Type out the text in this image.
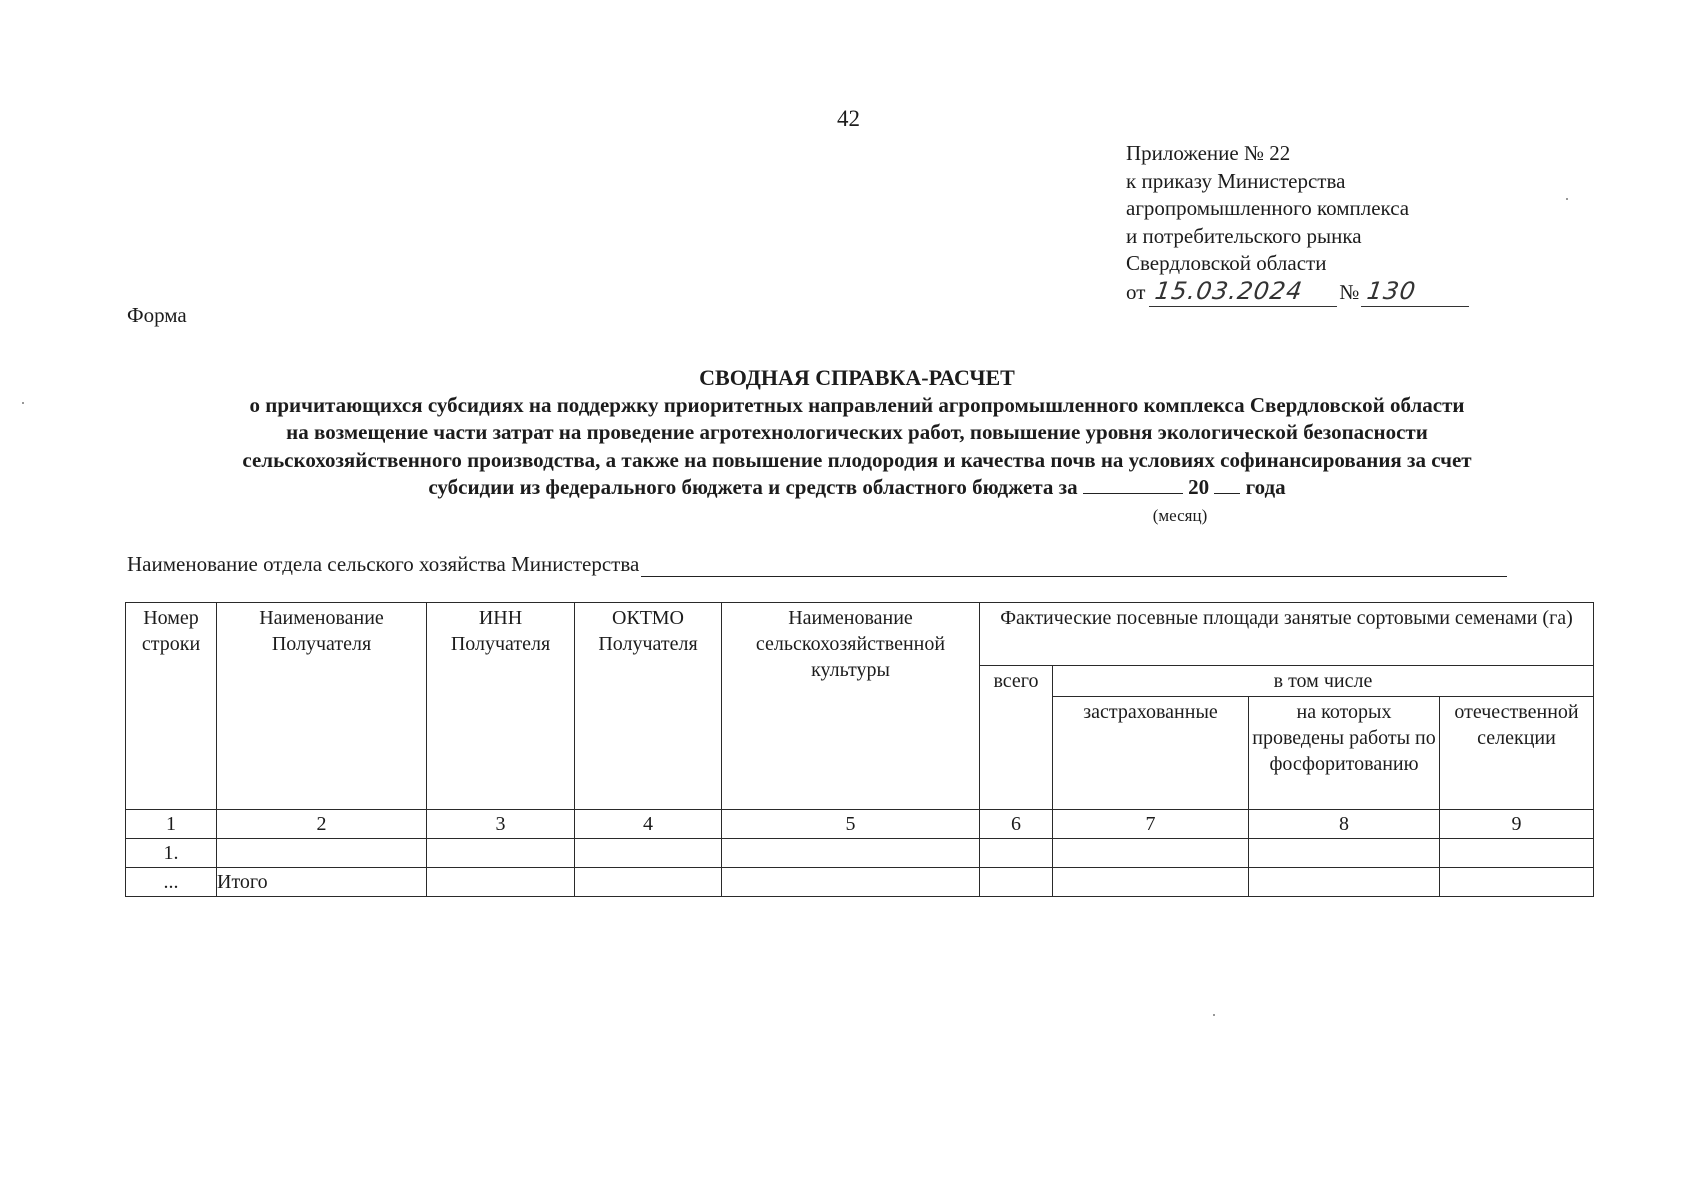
42
Приложение № 22
к приказу Министерства
агропромышленного комплекса
и потребительского рынка
Свердловской области
от 15.03.2024	№ 130
Форма
СВОДНАЯ СПРАВКА-РАСЧЕТ
о причитающихся субсидиях на поддержку приоритетных направлений агропромышленного комплекса Свердловской области
на возмещение части затрат на проведение агротехнологических работ, повышение уровня экологической безопасности
сельскохозяйственного производства, а также на повышение плодородия и качества почв на условиях софинансирования за счет
субсидии из федерального бюджета и средств областного бюджета за	20 года
(месяц)
Наименование отдела сельского хозяйства Министерства
Номер строки	Наименование Получателя	ИНН Получателя	ОКТМО Получателя	Наименование сельскохозяйственной культуры	Фактические посевные площади занятые сортовыми семенами (га)			
					всего	в том числе		
						застрахованные	на которых проведены работы по фосфоритованию	отечественной селекции
1	2	3	4	5	6	7	8	9
1.								
...	Итого							
